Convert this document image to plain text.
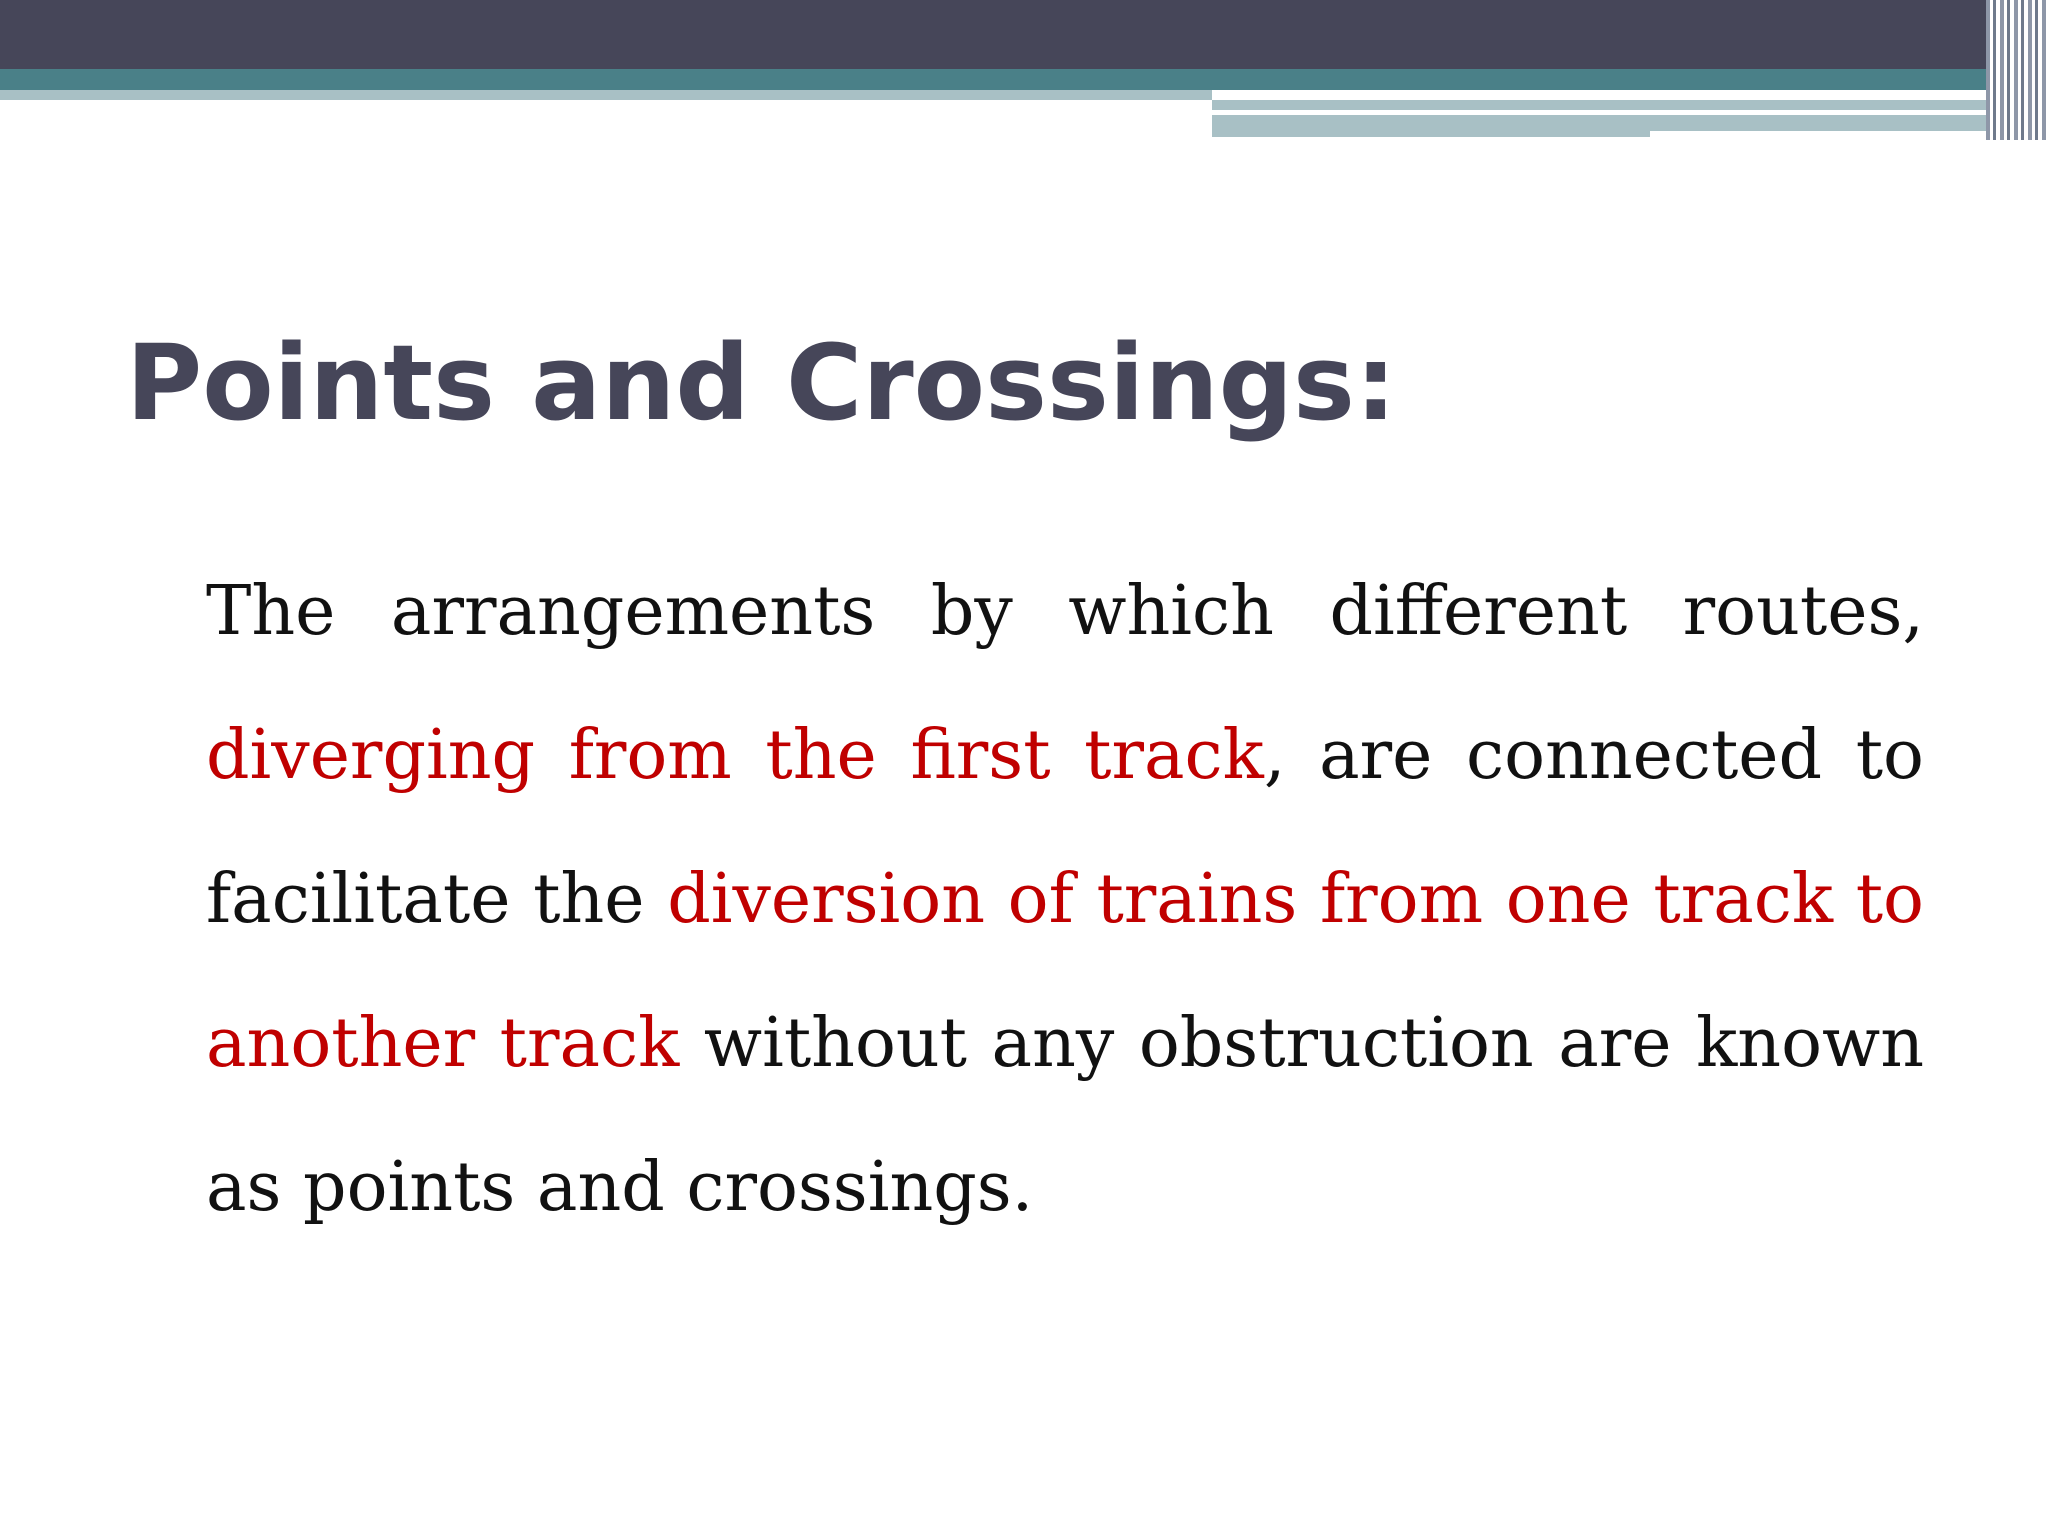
Points and Crossings:

The arrangements by which different routes, diverging from the first track, are connected to facilitate the diversion of trains from one track to another track without any obstruction are known as points and crossings.
